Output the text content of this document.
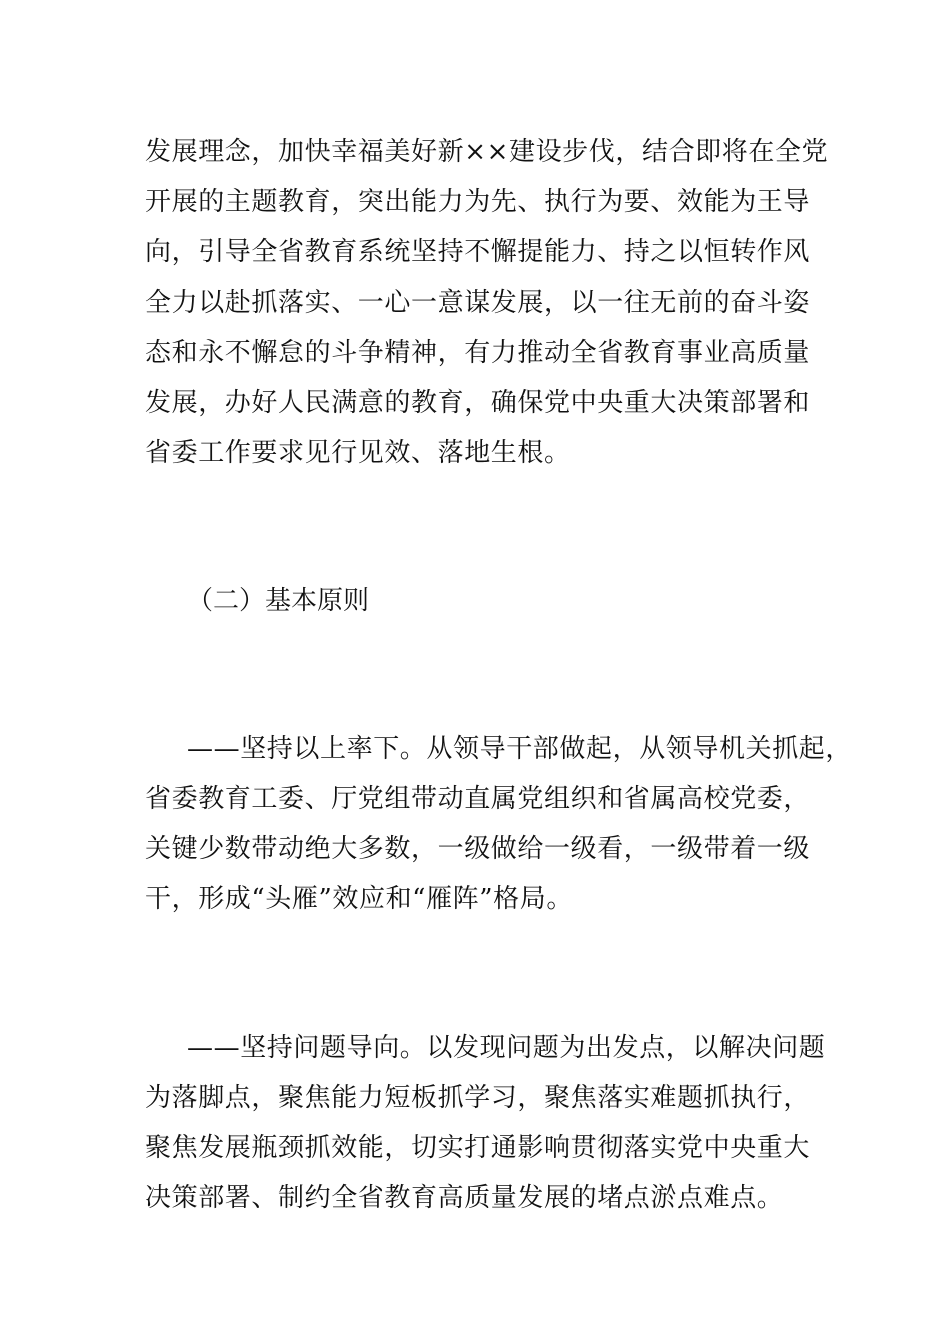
发展理念，加快幸福美好新××建设步伐，结合即将在全党

开展的主题教育，突出能力为先、执行为要、效能为王导

向，引导全省教育系统坚持不懈提能力、持之以恒转作风

全力以赴抓落实、一心一意谋发展，以一往无前的奋斗姿

态和永不懈怠的斗争精神，有力推动全省教育事业高质量

发展，办好人民满意的教育，确保党中央重大决策部署和

省委工作要求见行见效、落地生根。

（二）基本原则

——坚持以上率下。从领导干部做起，从领导机关抓起，

省委教育工委、厅党组带动直属党组织和省属高校党委，

关键少数带动绝大多数，一级做给一级看，一级带着一级

干，形成“头雁”效应和“雁阵”格局。

——坚持问题导向。以发现问题为出发点，以解决问题

为落脚点，聚焦能力短板抓学习，聚焦落实难题抓执行，

聚焦发展瓶颈抓效能，切实打通影响贯彻落实党中央重大

决策部署、制约全省教育高质量发展的堵点淤点难点。
